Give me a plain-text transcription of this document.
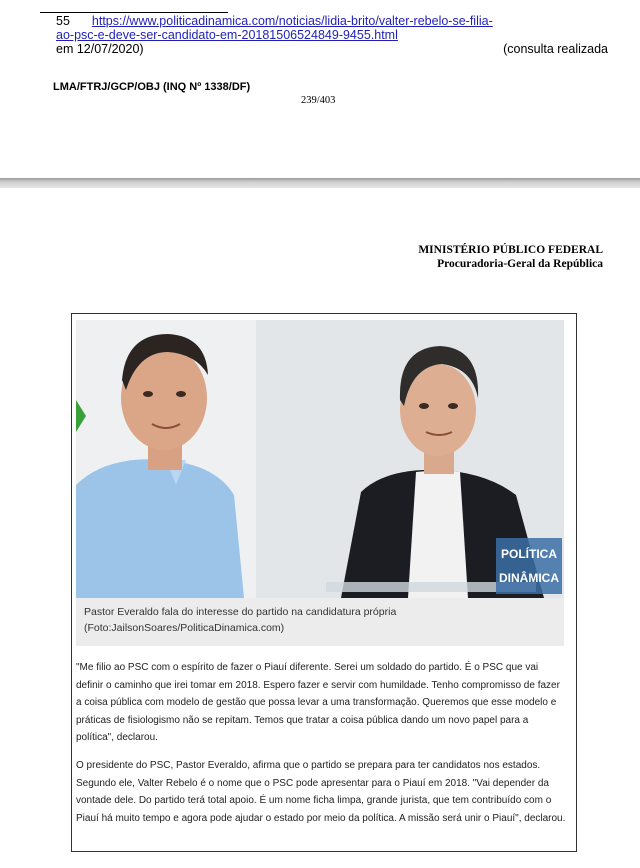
55 https://www.politicadinamica.com/noticias/lidia-brito/valter-rebelo-se-filia-
ao-psc-e-deve-ser-candidato-em-20181506524849-9455.html
(consulta realizada

em 12/07/2020)
LMA/FTRJ/GCP/OBJ (INQ Nº 1338/DF)
239/403
MINISTÉRIO PÚBLICO FEDERAL
Procuradoria-Geral da República
POLÍTICA
DINÂMICA
Pastor Everaldo fala do interesse do partido na candidatura própria
(Foto:JailsonSoares/PoliticaDinamica.com)

"Me filio ao PSC com o espírito de fazer o Piauí diferente. Serei um soldado do partido. É o PSC que vai definir o caminho que irei tomar em 2018. Espero fazer e servir com humildade. Tenho compromisso de fazer a coisa pública com modelo de gestão que possa levar a uma transformação. Queremos que esse modelo e práticas de fisiologismo não se repitam. Temos que tratar a coisa pública dando um novo papel para a política", declarou.

O presidente do PSC, Pastor Everaldo, afirma que o partido se prepara para ter candidatos nos estados. Segundo ele, Valter Rebelo é o nome que o PSC pode apresentar para o Piauí em 2018. "Vai depender da vontade dele. Do partido terá total apoio. É um nome ficha limpa, grande jurista, que tem contribuído com o Piauí há muito tempo e agora pode ajudar o estado por meio da política. A missão será unir o Piauí", declarou.
